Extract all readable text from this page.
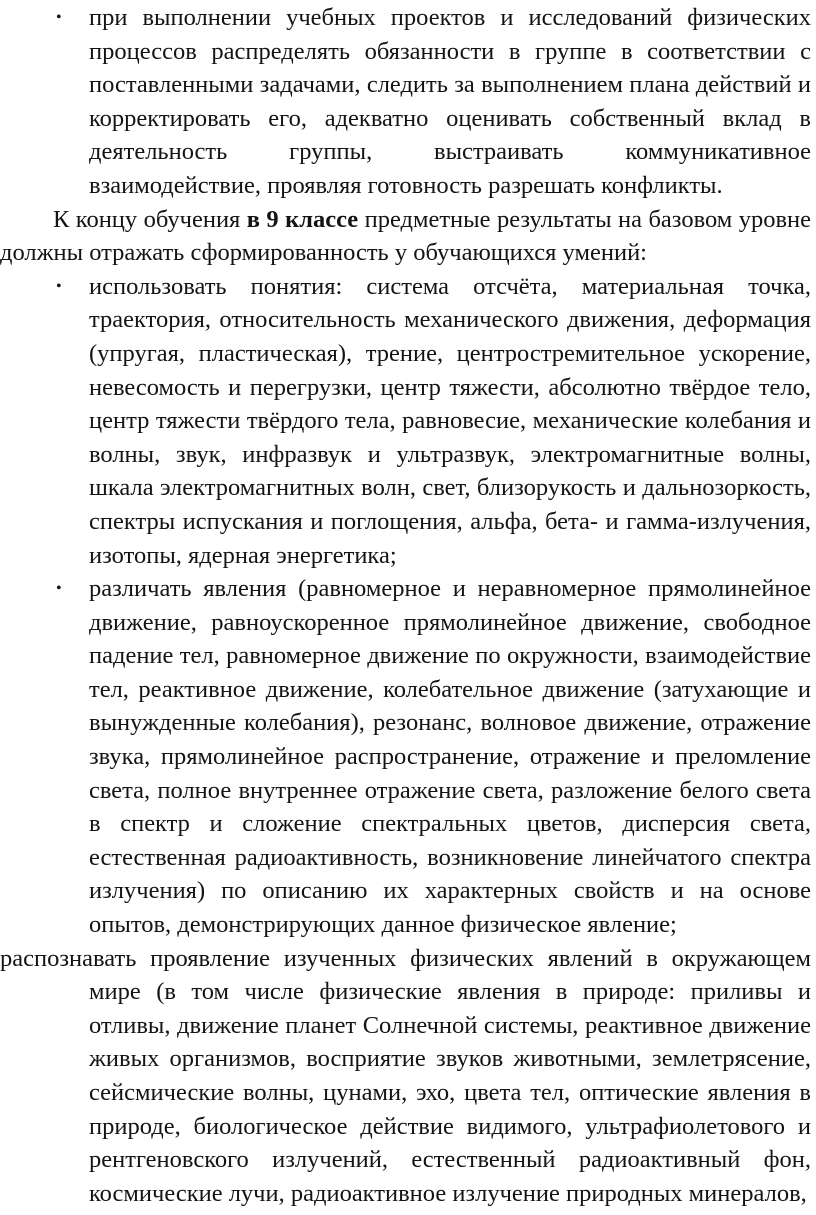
• при выполнении учебных проектов и исследований физических процессов распределять обязанности в группе в соответствии с поставленными задачами, следить за выполнением плана действий и корректировать его, адекватно оценивать собственный вклад в деятельность группы, выстраивать коммуникативное взаимодействие, проявляя готовность разрешать конфликты.
К концу обучения в 9 классе предметные результаты на базовом уровне должны отражать сформированность у обучающихся умений:
• использовать понятия: система отсчёта, материальная точка, траектория, относительность механического движения, деформация (упругая, пластическая), трение, центростремительное ускорение, невесомость и перегрузки, центр тяжести, абсолютно твёрдое тело, центр тяжести твёрдого тела, равновесие, механические колебания и волны, звук, инфразвук и ультразвук, электромагнитные волны, шкала электромагнитных волн, свет, близорукость и дальнозоркость, спектры испускания и поглощения, альфа, бета- и гамма-излучения, изотопы, ядерная энергетика;
• различать явления (равномерное и неравномерное прямолинейное движение, равноускоренное прямолинейное движение, свободное падение тел, равномерное движение по окружности, взаимодействие тел, реактивное движение, колебательное движение (затухающие и вынужденные колебания), резонанс, волновое движение, отражение звука, прямолинейное распространение, отражение и преломление света, полное внутреннее отражение света, разложение белого света в спектр и сложение спектральных цветов, дисперсия света, естественная радиоактивность, возникновение линейчатого спектра излучения) по описанию их характерных свойств и на основе опытов, демонстрирующих данное физическое явление;
распознавать проявление изученных физических явлений в окружающем мире (в том числе физические явления в природе: приливы и отливы, движение планет Солнечной системы, реактивное движение живых организмов, восприятие звуков животными, землетрясение, сейсмические волны, цунами, эхо, цвета тел, оптические явления в природе, биологическое действие видимого, ультрафиолетового и рентгеновского излучений, естественный радиоактивный фон, космические лучи, радиоактивное излучение природных минералов,
